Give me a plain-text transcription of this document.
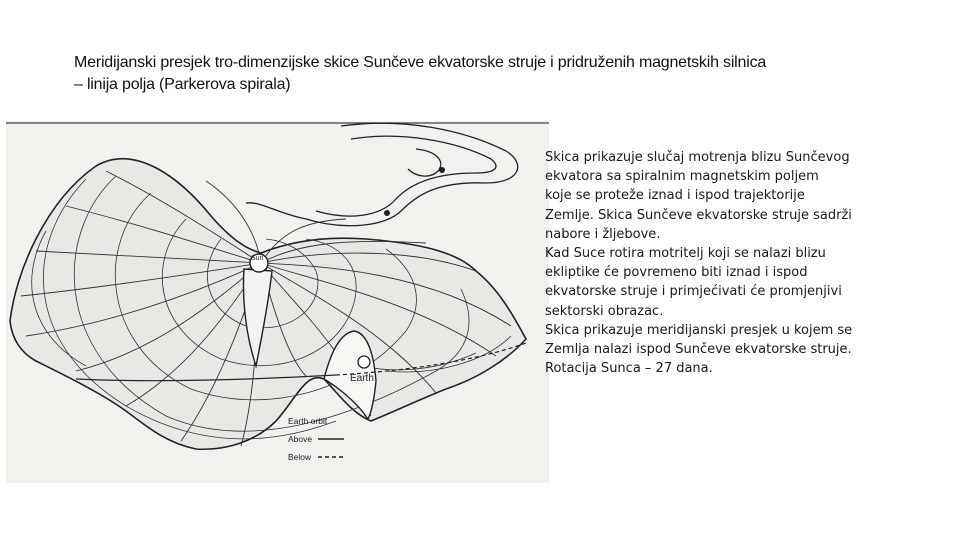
Meridijanski presjek tro-dimenzijske skice Sunčeve ekvatorske struje i pridruženih magnetskih silnica
– linija polja (Parkerova spirala)
Sun
Earth
Earth orbit
Above
Below
Skica prikazuje slučaj motrenja blizu Sunčevog
ekvatora sa spiralnim magnetskim poljem
koje se proteže iznad i ispod trajektorije
Zemlje. Skica Sunčeve ekvatorske struje sadrži
nabore i žljebove.
Kad Suce rotira motritelj koji se nalazi blizu
ekliptike će povremeno biti iznad i ispod
ekvatorske struje i primjećivati će promjenjivi
sektorski obrazac.
Skica prikazuje meridijanski presjek u kojem se
Zemlja nalazi ispod Sunčeve ekvatorske struje.
Rotacija Sunca – 27 dana.
